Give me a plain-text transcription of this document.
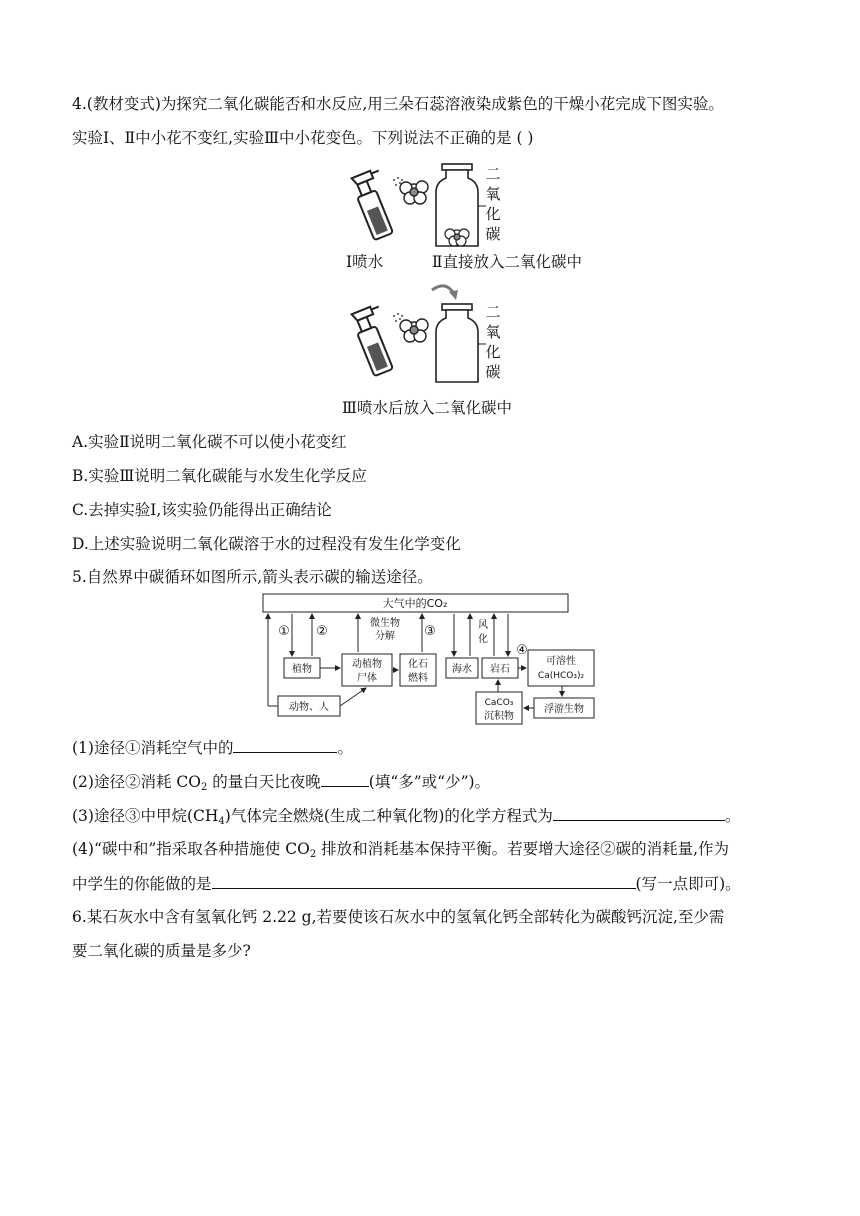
4.(教材变式)为探究二氧化碳能否和水反应,用三朵石蕊溶液染成紫色的干燥小花完成下图实验。
实验Ⅰ、Ⅱ中小花不变红,实验Ⅲ中小花变色。下列说法不正确的是 ( )
二
氧
化
碳
Ⅰ喷水	Ⅱ直接放入二氧化碳中
二
氧
化
碳
Ⅲ喷水后放入二氧化碳中
A.实验Ⅱ说明二氧化碳不可以使小花变红
B.实验Ⅲ说明二氧化碳能与水发生化学反应
C.去掉实验Ⅰ,该实验仍能得出正确结论
D.上述实验说明二氧化碳溶于水的过程没有发生化学变化
5.自然界中碳循环如图所示,箭头表示碳的输送途径。
大气中的CO₂
① ②
微生物
分解 ③	风
化
④
植物	动植物
尸体
化石
燃料
动物、人
海水 岩石
可溶性
Ca(HCO₃)₂
CaCO₃
沉积物
浮游生物
(1)途径①消耗空气中的	。
(2)途径②消耗 $CO_2$ 的量白天比夜晚	(填“多”或“少”)。
(3)途径③中甲烷$(CH_4)$气体完全燃烧(生成二种氧化物)的化学方程式为	。
(4)“碳中和”指采取各种措施使 $CO_2$ 排放和消耗基本保持平衡。若要增大途径②碳的消耗量,作为
中学生的你能做的是	(写一点即可)。
6.某石灰水中含有氢氧化钙 2.22 g,若要使该石灰水中的氢氧化钙全部转化为碳酸钙沉淀,至少需
要二氧化碳的质量是多少?
